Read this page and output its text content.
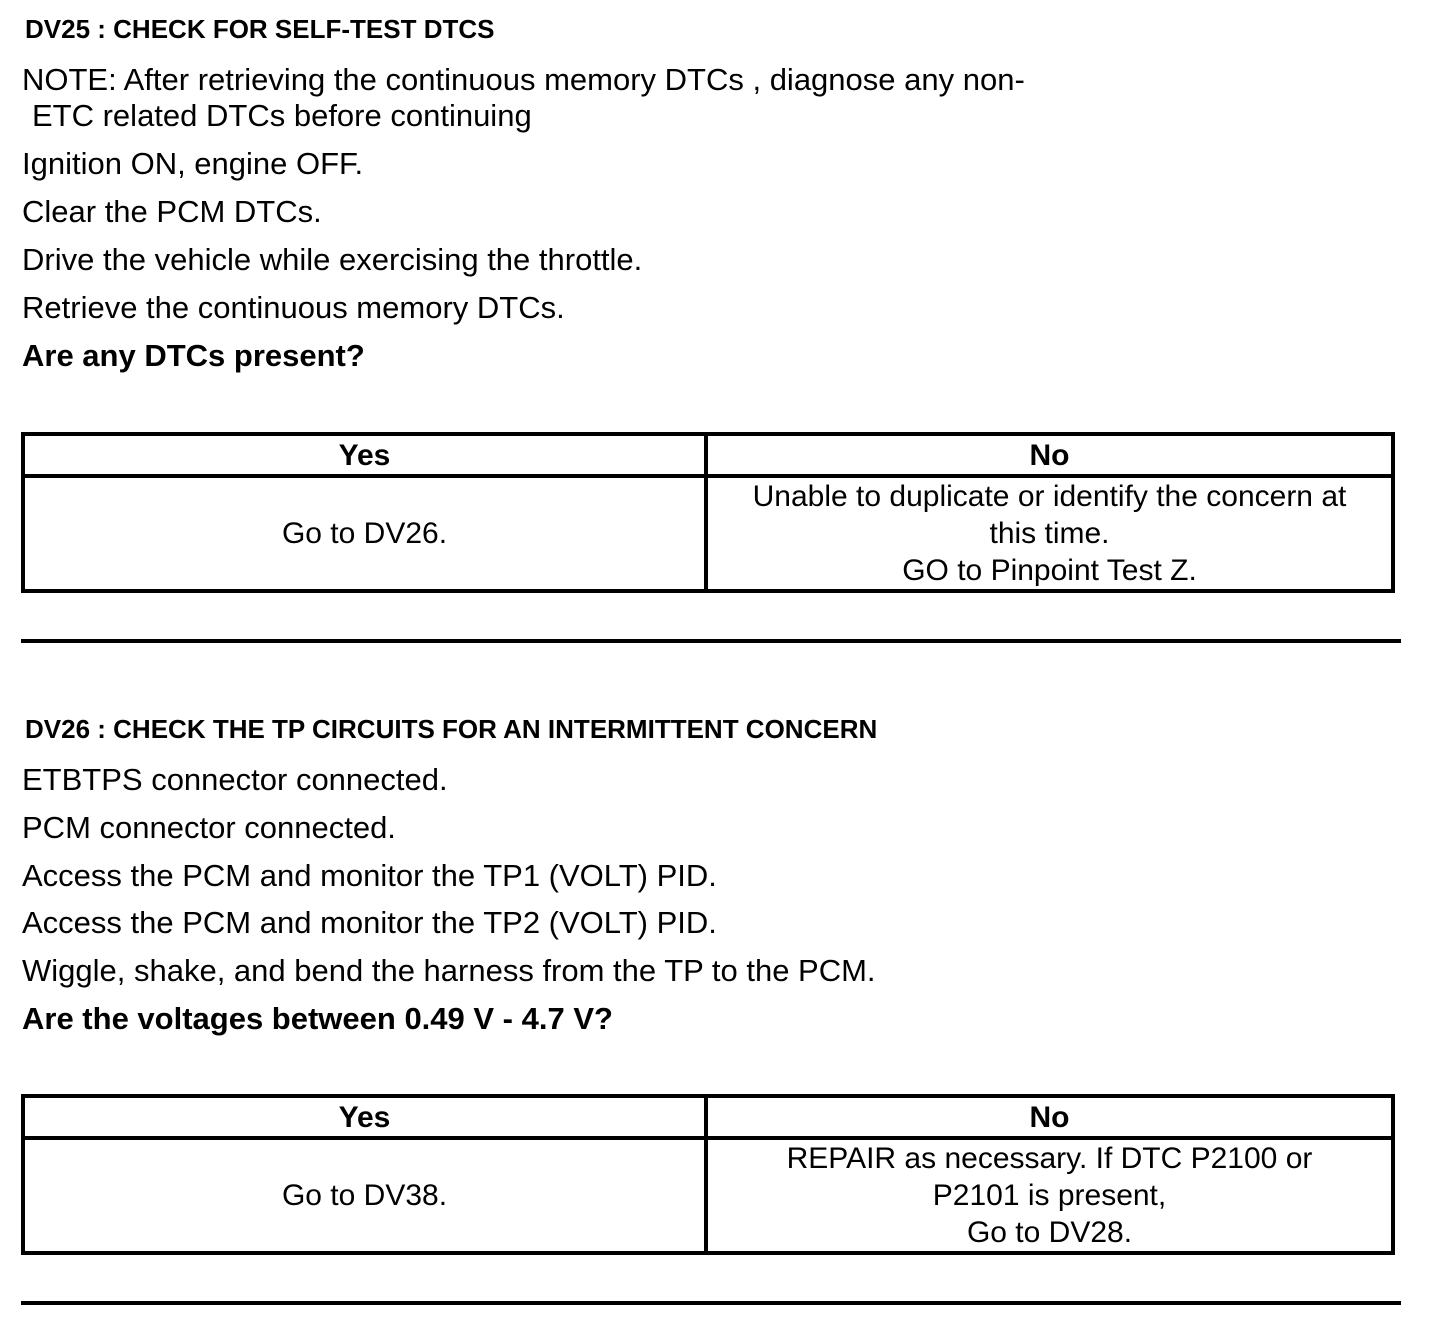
DV25 : CHECK FOR SELF-TEST DTCS
NOTE: After retrieving the continuous memory DTCs , diagnose any non-
ETC related DTCs before continuing
Ignition ON, engine OFF.
Clear the PCM DTCs.
Drive the vehicle while exercising the throttle.
Retrieve the continuous memory DTCs.
Are any DTCs present?
Yes	No
Go to DV26.	Unable to duplicate or identify the concern at
this time.
GO to Pinpoint Test Z.
DV26 : CHECK THE TP CIRCUITS FOR AN INTERMITTENT CONCERN
ETBTPS connector connected.
PCM connector connected.
Access the PCM and monitor the TP1 (VOLT) PID.
Access the PCM and monitor the TP2 (VOLT) PID.
Wiggle, shake, and bend the harness from the TP to the PCM.
Are the voltages between 0.49 V - 4.7 V?
Yes	No
Go to DV38.	REPAIR as necessary. If DTC P2100 or
P2101 is present,
Go to DV28.
